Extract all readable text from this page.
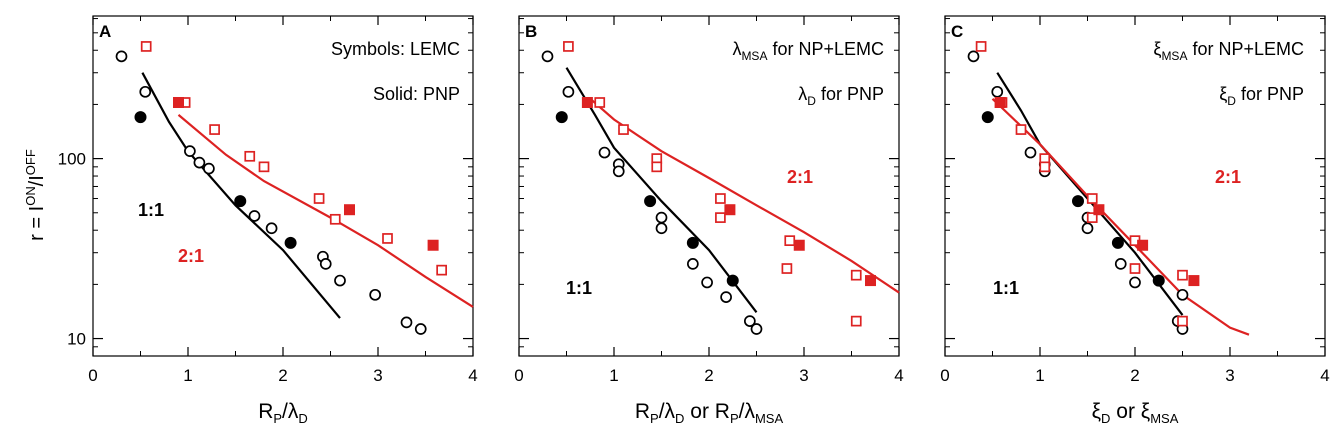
$r = I^{ON}/I^{OFF}$
0	1	2	3	4
10
100
A
Symbols: LEMC
Solid: PNP
1:1
2:1
$R_P/\lambda_D$
0	1	2	3	4
B
$\lambda_{MSA}$ for NP+LEMC
$\lambda_D$ for PNP
1:1
2:1
$R_P/\lambda_D$ or $R_P/\lambda_{MSA}$
0	1	2	3	4
C
$\xi_{MSA}$ for NP+LEMC
$\xi_D$ for PNP
1:1
2:1
$\xi_D$ or $\xi_{MSA}$
